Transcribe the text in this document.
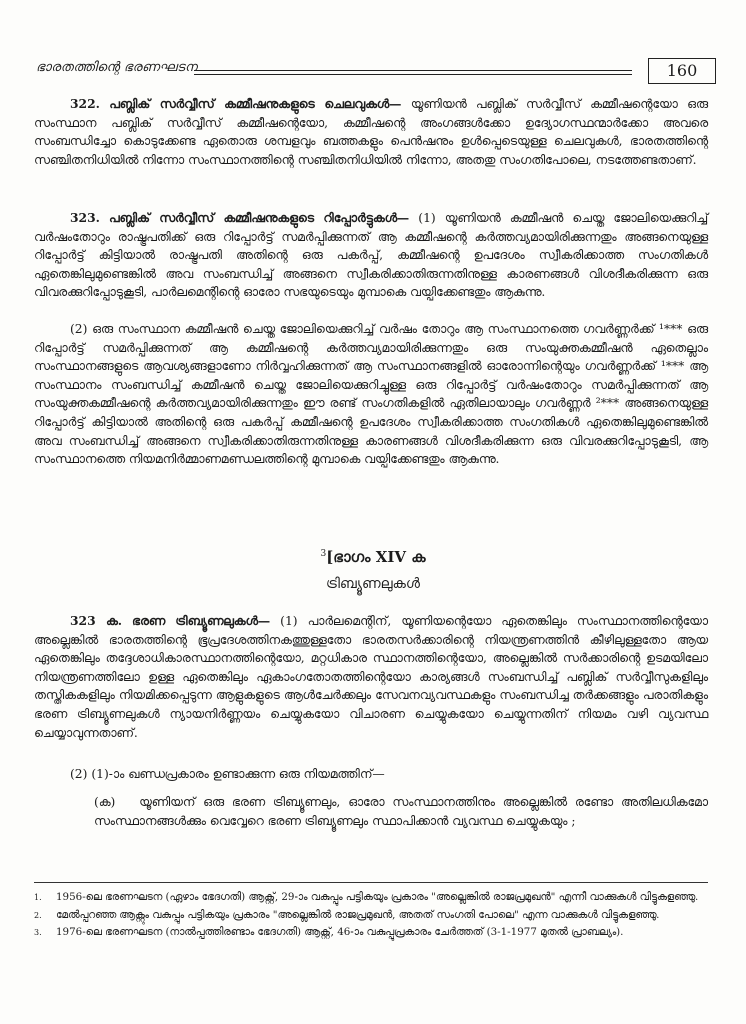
ഭാരതത്തിന്റെ ഭരണഘടന	160

322. പബ്ലിക് സർവ്വീസ് കമ്മീഷനുകളുടെ ചെലവുകൾ— യൂണിയൻ പബ്ലിക് സർവ്വീസ് കമ്മീഷന്റെയോ ഒരു സംസ്ഥാന പബ്ലിക് സർവ്വീസ് കമ്മീഷന്റെയോ, കമ്മീഷന്റെ അംഗങ്ങൾക്കോ ഉദ്യോഗസ്ഥന്മാർക്കോ അവരെ സംബന്ധിച്ചോ കൊടുക്കേണ്ട ഏതൊരു ശമ്പളവും ബത്തകളും പെൻഷനും ഉൾപ്പെടെയുള്ള ചെലവുകൾ, ഭാരതത്തിന്റെ സഞ്ചിതനിധിയിൽ നിന്നോ സംസ്ഥാനത്തിന്റെ സഞ്ചിതനിധിയിൽ നിന്നോ, അതതു സംഗതിപോലെ, നടത്തേണ്ടതാണ്.

323. പബ്ലിക് സർവ്വീസ് കമ്മീഷനുകളുടെ റിപ്പോർട്ടുകൾ— (1) യൂണിയൻ കമ്മീഷൻ ചെയ്ത ജോലിയെക്കുറിച്ച് വർഷംതോറും രാഷ്ട്രപതിക്ക് ഒരു റിപ്പോർട്ട് സമർപ്പിക്കുന്നത് ആ കമ്മീഷന്റെ കർത്തവ്യമായിരിക്കുന്നതും അങ്ങനെയുള്ള റിപ്പോർട്ട് കിട്ടിയാൽ രാഷ്ട്രപതി അതിന്റെ ഒരു പകർപ്പ്, കമ്മീഷന്റെ ഉപദേശം സ്വീകരിക്കാത്ത സംഗതികൾ ഏതെങ്കിലുമുണ്ടെങ്കിൽ അവ സംബന്ധിച്ച് അങ്ങനെ സ്വീകരിക്കാതിരുന്നതിനുള്ള കാരണങ്ങൾ വിശദീകരിക്കുന്ന ഒരു വിവരക്കുറിപ്പോടുകൂടി, പാർലമെന്റിന്റെ ഓരോ സഭയുടെയും മുമ്പാകെ വയ്പിക്കേണ്ടതും ആകുന്നു.

(2) ഒരു സംസ്ഥാന കമ്മീഷൻ ചെയ്ത ജോലിയെക്കുറിച്ച് വർഷം തോറും ആ സംസ്ഥാനത്തെ ഗവർണ്ണർക്ക് ¹*** ഒരു റിപ്പോർട്ട് സമർപ്പിക്കുന്നത് ആ കമ്മീഷന്റെ കർത്തവ്യമായിരിക്കുന്നതും ഒരു സംയുക്തകമ്മീഷൻ ഏതെല്ലാം സംസ്ഥാനങ്ങളുടെ ആവശ്യങ്ങളാണോ നിർവ്വഹിക്കുന്നത് ആ സംസ്ഥാനങ്ങളിൽ ഓരോന്നിന്റെയും ഗവർണ്ണർക്ക് ¹*** ആ സംസ്ഥാനം സംബന്ധിച്ച് കമ്മീഷൻ ചെയ്ത ജോലിയെക്കുറിച്ചുള്ള ഒരു റിപ്പോർട്ട് വർഷംതോറും സമർപ്പിക്കുന്നത് ആ സംയുക്തകമ്മീഷന്റെ കർത്തവ്യമായിരിക്കുന്നതും ഈ രണ്ട് സംഗതികളിൽ ഏതിലായാലും ഗവർണ്ണർ ²*** അങ്ങനെയുള്ള റിപ്പോർട്ട് കിട്ടിയാൽ അതിന്റെ ഒരു പകർപ്പ് കമ്മീഷന്റെ ഉപദേശം സ്വീകരിക്കാത്ത സംഗതികൾ ഏതെങ്കിലുമുണ്ടെങ്കിൽ അവ സംബന്ധിച്ച് അങ്ങനെ സ്വീകരിക്കാതിരുന്നതിനുള്ള കാരണങ്ങൾ വിശദീകരിക്കുന്ന ഒരു വിവരക്കുറിപ്പോടുകൂടി, ആ സംസ്ഥാനത്തെ നിയമനിർമ്മാണമണ്ഡലത്തിന്റെ മുമ്പാകെ വയ്പിക്കേണ്ടതും ആകുന്നു.

$^3$[ഭാഗം XIV ക
ട്രിബ്യൂണലുകൾ

323 ക. ഭരണ ട്രിബ്യൂണലുകൾ— (1) പാർലമെന്റിന്, യൂണിയന്റെയോ ഏതെങ്കിലും സംസ്ഥാനത്തിന്റെയോ അല്ലെങ്കിൽ ഭാരതത്തിന്റെ ഭൂപ്രദേശത്തിനകത്തുള്ളതോ ഭാരതസർക്കാരിന്റെ നിയന്ത്രണത്തിൻ കീഴിലുള്ളതോ ആയ ഏതെങ്കിലും തദ്ദേശാധികാരസ്ഥാനത്തിന്റെയോ, മറ്റധികാര സ്ഥാനത്തിന്റെയോ, അല്ലെങ്കിൽ സർക്കാരിന്റെ ഉടമയിലോ നിയന്ത്രണത്തിലോ ഉള്ള ഏതെങ്കിലും ഏകാംഗതോതത്തിന്റെയോ കാര്യങ്ങൾ സംബന്ധിച്ച് പബ്ലിക് സർവ്വീസുകളിലും തസ്തികകളിലും നിയമിക്കപ്പെടുന്ന ആളുകളുടെ ആൾചേർക്കലും സേവനവ്യവസ്ഥകളും സംബന്ധിച്ച തർക്കങ്ങളും പരാതികളും ഭരണ ട്രിബ്യൂണലുകൾ ന്യായനിർണ്ണയം ചെയ്യുകയോ വിചാരണ ചെയ്യുകയോ ചെയ്യുന്നതിന് നിയമം വഴി വ്യവസ്ഥ ചെയ്യാവുന്നതാണ്.

(2) (1)-ാം ഖണ്ഡപ്രകാരം ഉണ്ടാക്കുന്ന ഒരു നിയമത്തിന്—

(ക) യൂണിയന് ഒരു ഭരണ ട്രിബ്യൂണലും, ഓരോ സംസ്ഥാനത്തിനും അല്ലെങ്കിൽ രണ്ടോ അതിലധികമോ സംസ്ഥാനങ്ങൾക്കും വെവ്വേറെ ഭരണ ട്രിബ്യൂണലും സ്ഥാപിക്കാൻ വ്യവസ്ഥ ചെയ്യുകയും ;

1.	1956-ലെ ഭരണഘടന (ഏഴാം ഭേദഗതി) ആക്റ്റ്, 29-ാം വകുപ്പും പട്ടികയും പ്രകാരം "അല്ലെങ്കിൽ രാജപ്രമുഖൻ" എന്നീ വാക്കുകൾ വിട്ടുകളഞ്ഞു.
2.	മേൽപ്പറഞ്ഞ ആക്റ്റും വകുപ്പും പട്ടികയും പ്രകാരം "അല്ലെങ്കിൽ രാജപ്രമുഖൻ, അതത് സംഗതി പോലെ" എന്ന വാക്കുകൾ വിട്ടുകളഞ്ഞു.
3.	1976-ലെ ഭരണഘടന (നാൽപ്പത്തിരണ്ടാം ഭേദഗതി) ആക്റ്റ്, 46-ാം വകുപ്പുപ്രകാരം ചേർത്തത് (3-1-1977 മുതൽ പ്രാബല്യം).
